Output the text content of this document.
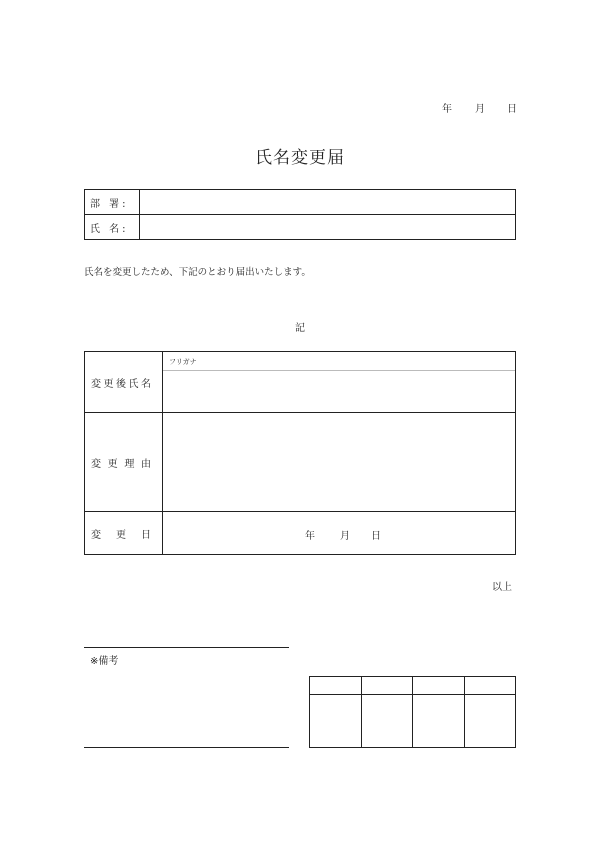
年 月 日
氏名変更届
部 署:	
氏 名:	
氏名を変更したため、下記のとおり届出いたします。
記
変 更 後 氏 名	フリガナ

変 更 理 由	

変 更 日	年 月 日
以上
※備考
